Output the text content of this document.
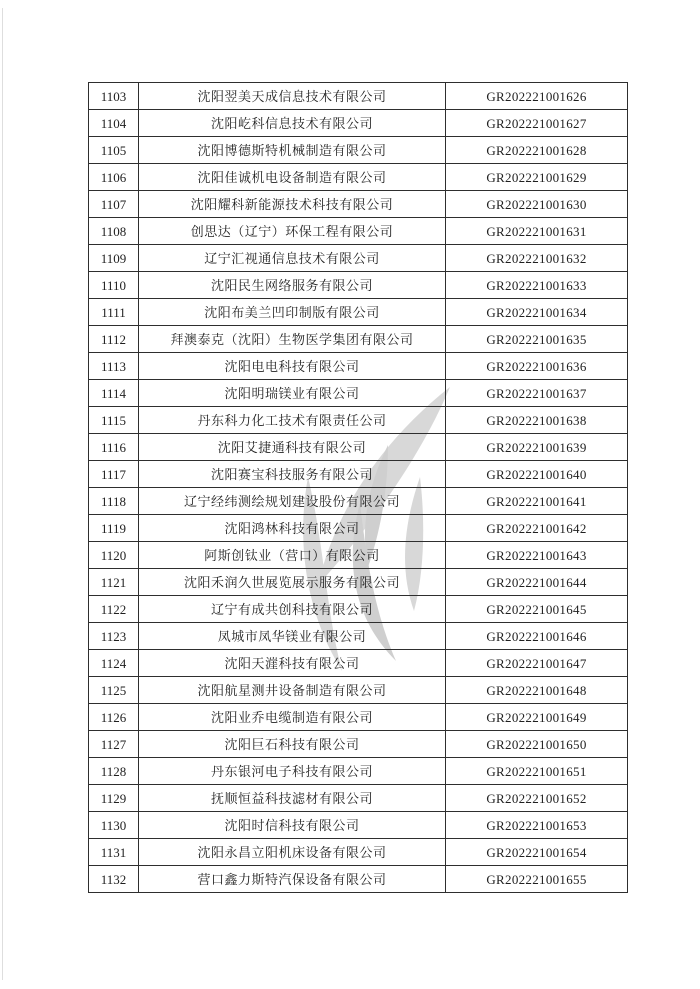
1103	沈阳翌美天成信息技术有限公司	GR202221001626
1104	沈阳屹科信息技术有限公司	GR202221001627
1105	沈阳博德斯特机械制造有限公司	GR202221001628
1106	沈阳佳诚机电设备制造有限公司	GR202221001629
1107	沈阳耀科新能源技术科技有限公司	GR202221001630
1108	创思达（辽宁）环保工程有限公司	GR202221001631
1109	辽宁汇视通信息技术有限公司	GR202221001632
1110	沈阳民生网络服务有限公司	GR202221001633
1111	沈阳布美兰凹印制版有限公司	GR202221001634
1112	拜澳泰克（沈阳）生物医学集团有限公司	GR202221001635
1113	沈阳电电科技有限公司	GR202221001636
1114	沈阳明瑞镁业有限公司	GR202221001637
1115	丹东科力化工技术有限责任公司	GR202221001638
1116	沈阳艾捷通科技有限公司	GR202221001639
1117	沈阳赛宝科技服务有限公司	GR202221001640
1118	辽宁经纬测绘规划建设股份有限公司	GR202221001641
1119	沈阳鸿林科技有限公司	GR202221001642
1120	阿斯创钛业（营口）有限公司	GR202221001643
1121	沈阳禾润久世展览展示服务有限公司	GR202221001644
1122	辽宁有成共创科技有限公司	GR202221001645
1123	凤城市凤华镁业有限公司	GR202221001646
1124	沈阳天漄科技有限公司	GR202221001647
1125	沈阳航星测井设备制造有限公司	GR202221001648
1126	沈阳业乔电缆制造有限公司	GR202221001649
1127	沈阳巨石科技有限公司	GR202221001650
1128	丹东银河电子科技有限公司	GR202221001651
1129	抚顺恒益科技滤材有限公司	GR202221001652
1130	沈阳时信科技有限公司	GR202221001653
1131	沈阳永昌立阳机床设备有限公司	GR202221001654
1132	营口鑫力斯特汽保设备有限公司	GR202221001655
